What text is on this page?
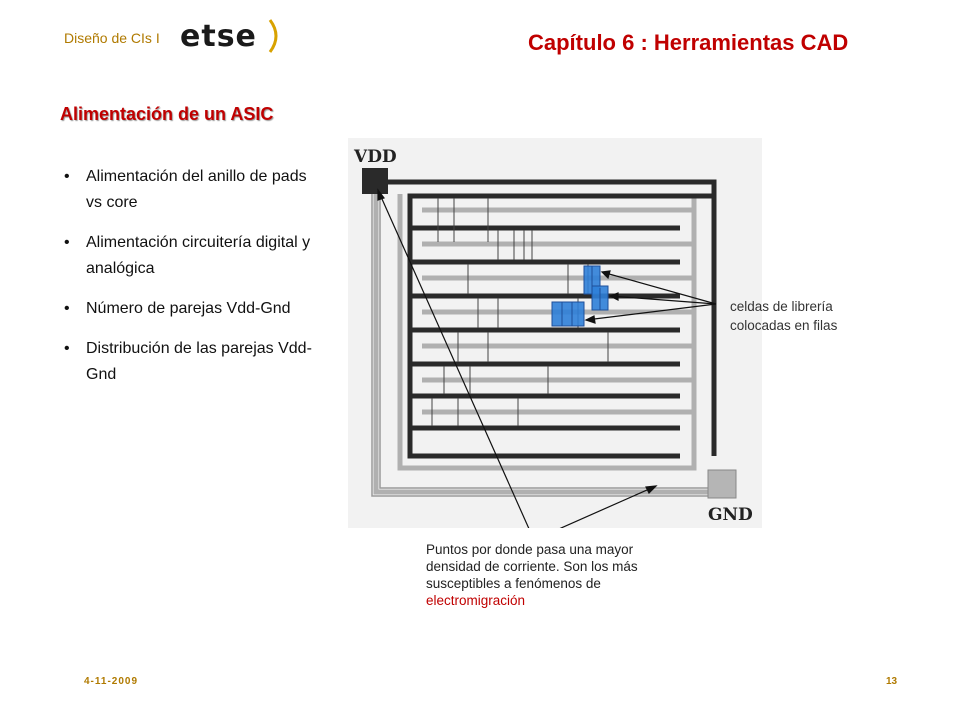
Diseño de CIs I etse	Capítulo 6 : Herramientas CAD
Alimentación de un ASIC
• Alimentación del anillo de pads vs core
• Alimentación circuitería digital y analógica
• Número de parejas Vdd-Gnd
• Distribución de las parejas Vdd-Gnd
VDD
GND
celdas de librería
colocadas en filas
Puntos por donde pasa una mayor densidad de corriente. Son los más susceptibles a fenómenos de electromigración
4-11-2009	13
